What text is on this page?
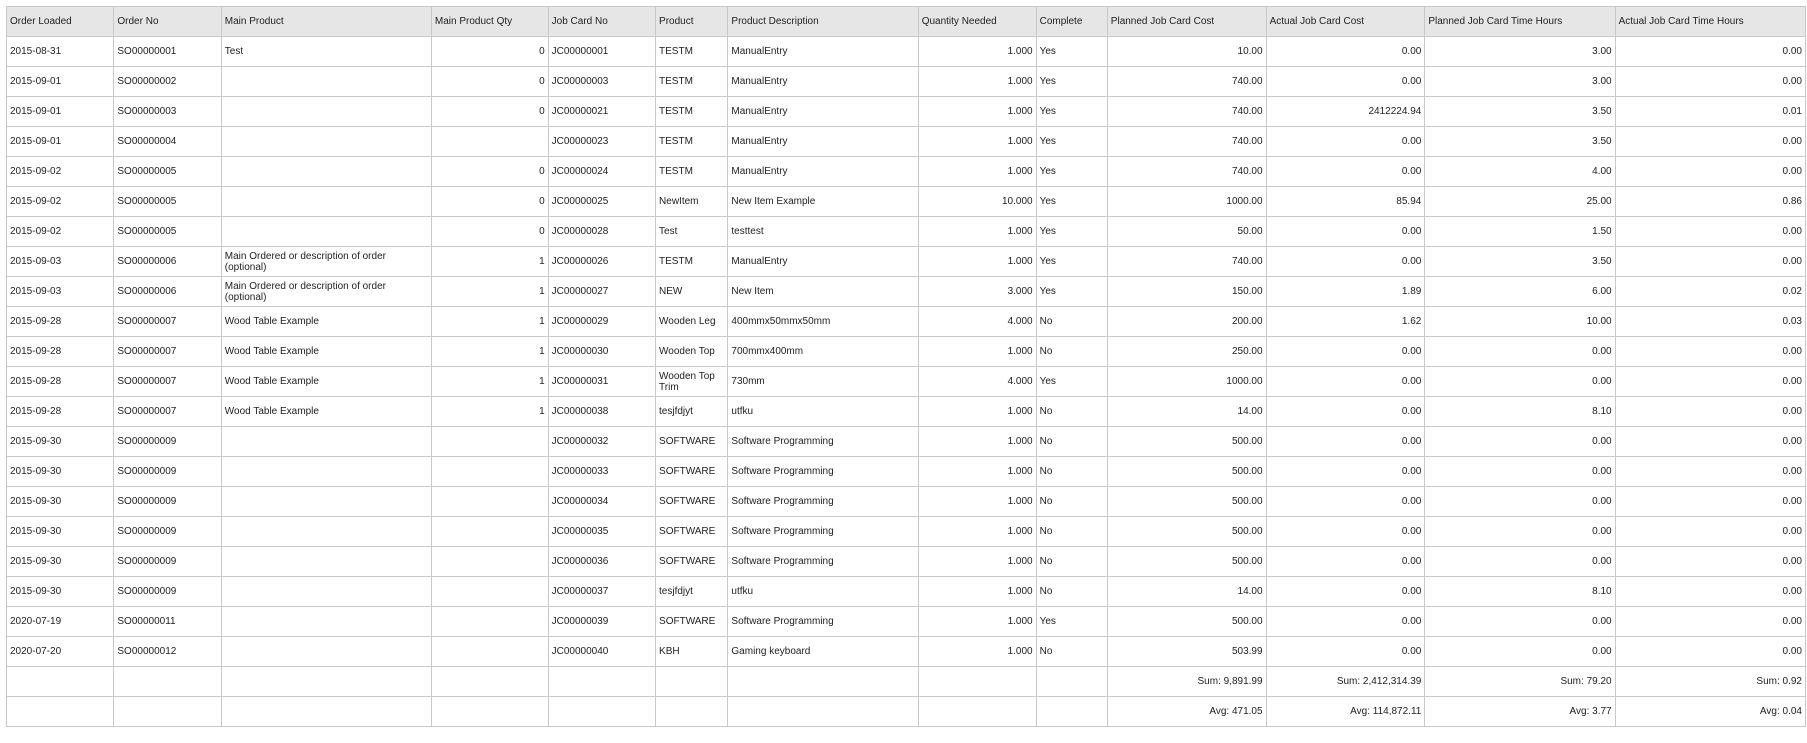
Order Loaded	Order No	Main Product	Main Product Qty	Job Card No	Product	Product Description	Quantity Needed	Complete	Planned Job Card Cost	Actual Job Card Cost	Planned Job Card Time Hours	Actual Job Card Time Hours
2015-08-31	SO00000001	Test	0	JC00000001	TESTM	ManualEntry	1.000	Yes	10.00	0.00	3.00	0.00
2015-09-01	SO00000002		0	JC00000003	TESTM	ManualEntry	1.000	Yes	740.00	0.00	3.00	0.00
2015-09-01	SO00000003		0	JC00000021	TESTM	ManualEntry	1.000	Yes	740.00	2412224.94	3.50	0.01
2015-09-01	SO00000004			JC00000023	TESTM	ManualEntry	1.000	Yes	740.00	0.00	3.50	0.00
2015-09-02	SO00000005		0	JC00000024	TESTM	ManualEntry	1.000	Yes	740.00	0.00	4.00	0.00
2015-09-02	SO00000005		0	JC00000025	NewItem	New Item Example	10.000	Yes	1000.00	85.94	25.00	0.86
2015-09-02	SO00000005		0	JC00000028	Test	testtest	1.000	Yes	50.00	0.00	1.50	0.00
2015-09-03	SO00000006	Main Ordered or description of order (optional)	1	JC00000026	TESTM	ManualEntry	1.000	Yes	740.00	0.00	3.50	0.00
2015-09-03	SO00000006	Main Ordered or description of order (optional)	1	JC00000027	NEW	New Item	3.000	Yes	150.00	1.89	6.00	0.02
2015-09-28	SO00000007	Wood Table Example	1	JC00000029	Wooden Leg	400mmx50mmx50mm	4.000	No	200.00	1.62	10.00	0.03
2015-09-28	SO00000007	Wood Table Example	1	JC00000030	Wooden Top	700mmx400mm	1.000	No	250.00	0.00	0.00	0.00
2015-09-28	SO00000007	Wood Table Example	1	JC00000031	Wooden Top Trim	730mm	4.000	Yes	1000.00	0.00	0.00	0.00
2015-09-28	SO00000007	Wood Table Example	1	JC00000038	tesjfdjyt	utfku	1.000	No	14.00	0.00	8.10	0.00
2015-09-30	SO00000009			JC00000032	SOFTWARE	Software Programming	1.000	No	500.00	0.00	0.00	0.00
2015-09-30	SO00000009			JC00000033	SOFTWARE	Software Programming	1.000	No	500.00	0.00	0.00	0.00
2015-09-30	SO00000009			JC00000034	SOFTWARE	Software Programming	1.000	No	500.00	0.00	0.00	0.00
2015-09-30	SO00000009			JC00000035	SOFTWARE	Software Programming	1.000	No	500.00	0.00	0.00	0.00
2015-09-30	SO00000009			JC00000036	SOFTWARE	Software Programming	1.000	No	500.00	0.00	0.00	0.00
2015-09-30	SO00000009			JC00000037	tesjfdjyt	utfku	1.000	No	14.00	0.00	8.10	0.00
2020-07-19	SO00000011			JC00000039	SOFTWARE	Software Programming	1.000	Yes	500.00	0.00	0.00	0.00
2020-07-20	SO00000012			JC00000040	KBH	Gaming keyboard	1.000	No	503.99	0.00	0.00	0.00
									Sum: 9,891.99	Sum: 2,412,314.39	Sum: 79.20	Sum: 0.92
									Avg: 471.05	Avg: 114,872.11	Avg: 3.77	Avg: 0.04
